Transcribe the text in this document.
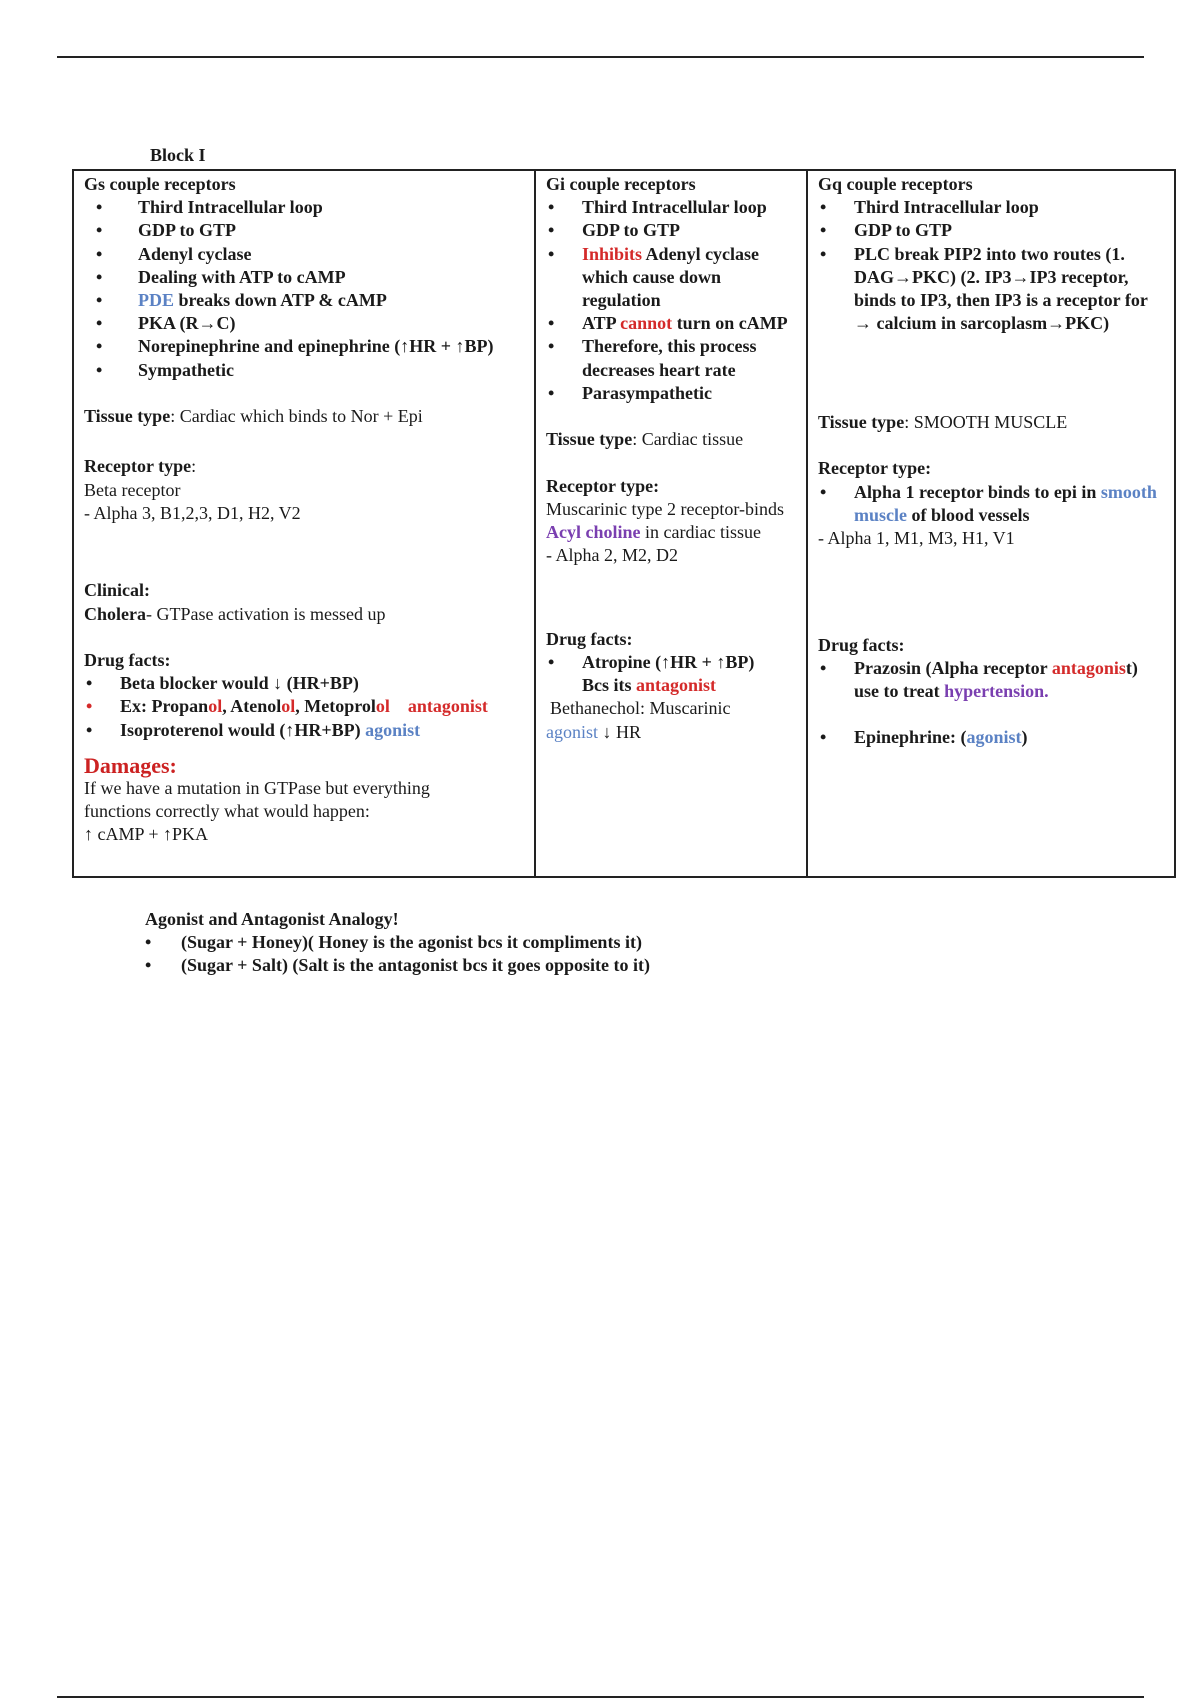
Block I
Gs couple receptors
• Third Intracellular loop
• GDP to GTP
• Adenyl cyclase
• Dealing with ATP to cAMP
• PDE breaks down ATP & cAMP
• PKA (R→C)
• Norepinephrine and epinephrine (↑HR + ↑BP)
• Sympathetic
Tissue type: Cardiac which binds to Nor + Epi
Receptor type:
Beta receptor
- Alpha 3, B1,2,3, D1, H2, V2
Clinical:
Cholera- GTPase activation is messed up
Drug facts:
• Beta blocker would ↓ (HR+BP)
• Ex: Propanol, Atenolol, Metoprolol antagonist
• Isoproterenol would (↑HR+BP) agonist
Damages:
If we have a mutation in GTPase but everything
functions correctly what would happen:
↑ cAMP + ↑PKA
Gi couple receptors
• Third Intracellular loop
• GDP to GTP
• Inhibits Adenyl cyclase which cause down regulation
• ATP cannot turn on cAMP
• Therefore, this process decreases heart rate
• Parasympathetic
Tissue type: Cardiac tissue
Receptor type:
Muscarinic type 2 receptor-binds Acyl choline in cardiac tissue
- Alpha 2, M2, D2
Drug facts:
• Atropine (↑HR + ↑BP)
Bcs its antagonist
Bethanechol: Muscarinic
agonist ↓ HR
Gq couple receptors
• Third Intracellular loop
• GDP to GTP
• PLC break PIP2 into two routes (1. DAG→PKC) (2. IP3→IP3 receptor, binds to IP3, then IP3 is a receptor for → calcium in sarcoplasm→PKC)
Tissue type: SMOOTH MUSCLE
Receptor type:
• Alpha 1 receptor binds to epi in smooth muscle of blood vessels
- Alpha 1, M1, M3, H1, V1
Drug facts:
• Prazosin (Alpha receptor antagonist) use to treat hypertension.
• Epinephrine: (agonist)
Agonist and Antagonist Analogy!
• (Sugar + Honey)( Honey is the agonist bcs it compliments it)
• (Sugar + Salt) (Salt is the antagonist bcs it goes opposite to it)
